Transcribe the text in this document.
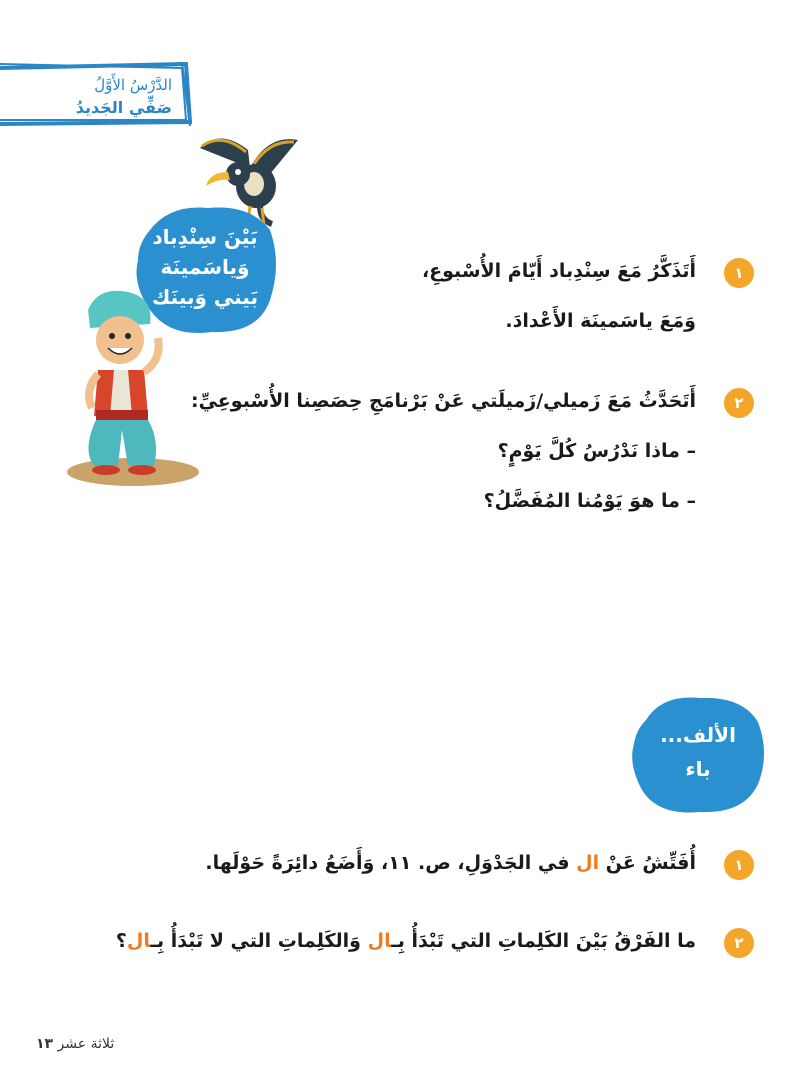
الدَّرْسُ الأَوَّلُ
صَفِّي الجَديدُ
بَيْنَ سِنْدِباد
وَياسَمينَة
بَيني وَبينَك
١
أَتَذَكَّرُ مَعَ سِنْدِباد أَيّامَ الأُسْبوعِ،
وَمَعَ ياسَمينَة الأَعْدادَ.
٢
أَتَحَدَّثُ مَعَ زَميلي/زَميلَتي عَنْ بَرْنامَجِ حِصَصِنا الأُسْبوعِيِّ:
– ماذا نَدْرُسُ كُلَّ يَوْمٍ؟
– ما هوَ يَوْمُنا المُفَضَّلُ؟
الألف...
باء
١
أُفَتِّشُ عَنْ ال في الجَدْوَلِ، ص. ١١، وَأَضَعُ دائِرَةً حَوْلَها.
٢
ما الفَرْقُ بَيْنَ الكَلِماتِ التي تَبْدَأُ بِـال وَالكَلِماتِ التي لا تَبْدَأُ بِـال؟
ثلاثة عشر ١٣
